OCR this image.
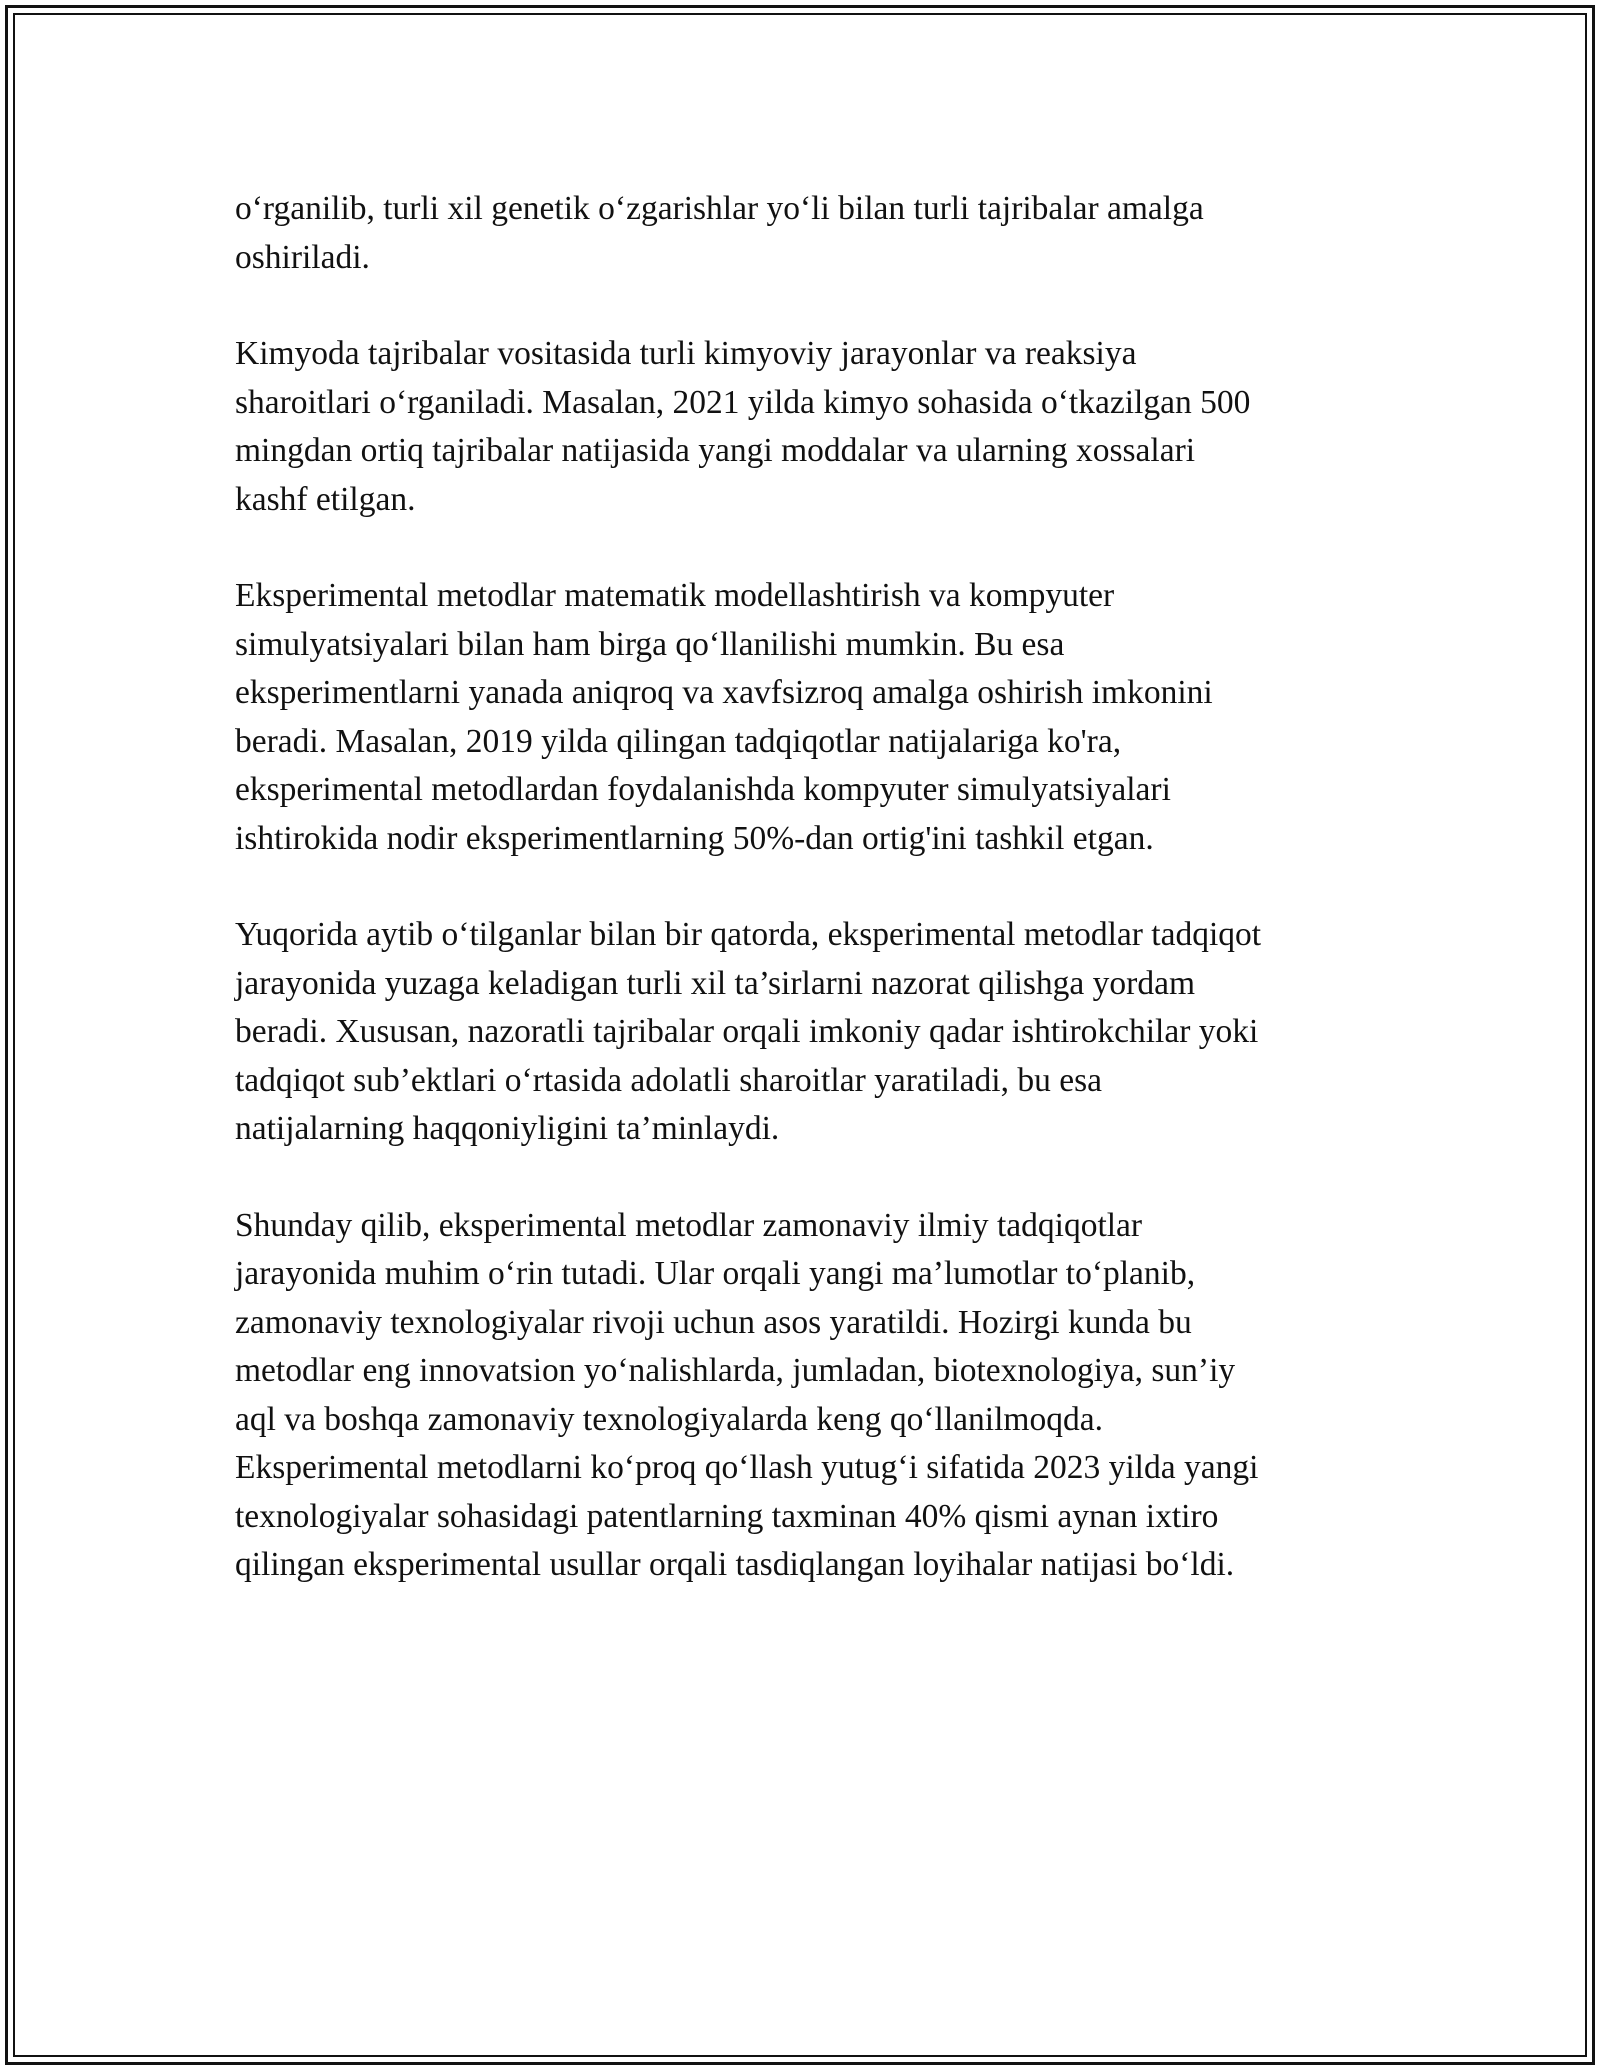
o‘rganilib, turli xil genetik o‘zgarishlar yo‘li bilan turli tajribalar amalga
oshiriladi.

Kimyoda tajribalar vositasida turli kimyoviy jarayonlar va reaksiya
sharoitlari o‘rganiladi. Masalan, 2021 yilda kimyo sohasida o‘tkazilgan 500
mingdan ortiq tajribalar natijasida yangi moddalar va ularning xossalari
kashf etilgan.

Eksperimental metodlar matematik modellashtirish va kompyuter
simulyatsiyalari bilan ham birga qo‘llanilishi mumkin. Bu esa
eksperimentlarni yanada aniqroq va xavfsizroq amalga oshirish imkonini
beradi. Masalan, 2019 yilda qilingan tadqiqotlar natijalariga ko'ra,
eksperimental metodlardan foydalanishda kompyuter simulyatsiyalari
ishtirokida nodir eksperimentlarning 50%-dan ortig'ini tashkil etgan.

Yuqorida aytib o‘tilganlar bilan bir qatorda, eksperimental metodlar tadqiqot
jarayonida yuzaga keladigan turli xil ta’sirlarni nazorat qilishga yordam
beradi. Xususan, nazoratli tajribalar orqali imkoniy qadar ishtirokchilar yoki
tadqiqot sub’ektlari o‘rtasida adolatli sharoitlar yaratiladi, bu esa
natijalarning haqqoniyligini ta’minlaydi.

Shunday qilib, eksperimental metodlar zamonaviy ilmiy tadqiqotlar
jarayonida muhim o‘rin tutadi. Ular orqali yangi ma’lumotlar to‘planib,
zamonaviy texnologiyalar rivoji uchun asos yaratildi. Hozirgi kunda bu
metodlar eng innovatsion yo‘nalishlarda, jumladan, biotexnologiya, sun’iy
aql va boshqa zamonaviy texnologiyalarda keng qo‘llanilmoqda.
Eksperimental metodlarni ko‘proq qo‘llash yutug‘i sifatida 2023 yilda yangi
texnologiyalar sohasidagi patentlarning taxminan 40% qismi aynan ixtiro
qilingan eksperimental usullar orqali tasdiqlangan loyihalar natijasi bo‘ldi.
